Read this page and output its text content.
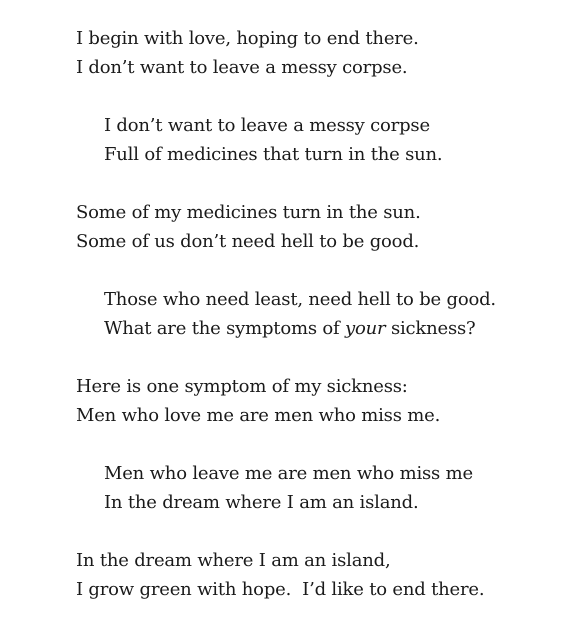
I begin with love, hoping to end there.
I don’t want to leave a messy corpse.
I don’t want to leave a messy corpse
Full of medicines that turn in the sun.
Some of my medicines turn in the sun.
Some of us don’t need hell to be good.
Those who need least, need hell to be good.
What are the symptoms of your sickness?
Here is one symptom of my sickness:
Men who love me are men who miss me.
Men who leave me are men who miss me
In the dream where I am an island.
In the dream where I am an island,
I grow green with hope.  I’d like to end there.
